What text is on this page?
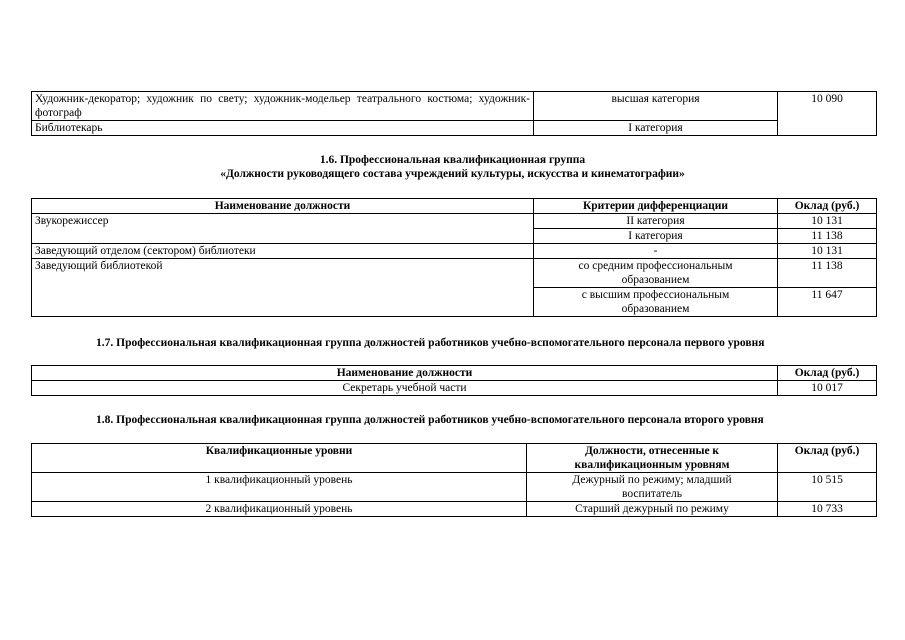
Художник-декоратор; художник по свету; художник-модельер театрального костюма; художник-фотограф	высшая категория	10 090
Библиотекарь	I категория	
1.6. Профессиональная квалификационная группа
«Должности руководящего состава учреждений культуры, искусства и кинематографии»
Наименование должности	Критерии дифференциации	Оклад (руб.)
Звукорежиссер	II категория	10 131
	I категория	11 138
Заведующий отделом (сектором) библиотеки	-	10 131
Заведующий библиотекой	со средним профессиональным образованием	11 138
	с высшим профессиональным образованием	11 647
1.7. Профессиональная квалификационная группа должностей работников учебно-вспомогательного персонала первого уровня
Наименование должности	Оклад (руб.)
Секретарь учебной части	10 017
1.8. Профессиональная квалификационная группа должностей работников учебно-вспомогательного персонала второго уровня
Квалификационные уровни	Должности, отнесенные к квалификационным уровням	Оклад (руб.)
1 квалификационный уровень	Дежурный по режиму; младший воспитатель	10 515
2 квалификационный уровень	Старший дежурный по режиму	10 733
